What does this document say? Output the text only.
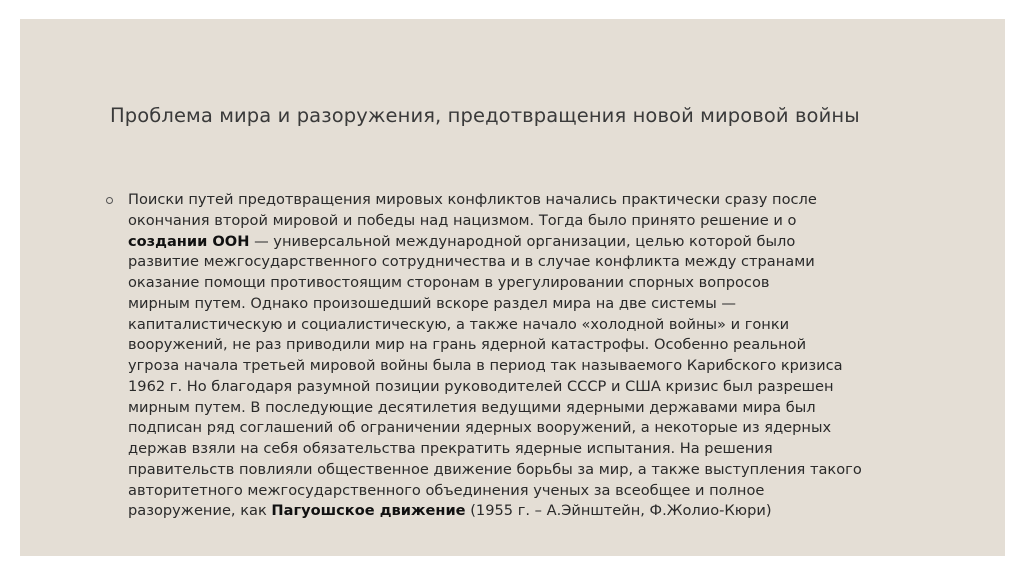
Проблема мира и разоружения, предотвращения новой мировой войны

Поиски путей предотвращения мировых конфликтов начались практически сразу после
окончания второй мировой и победы над нацизмом. Тогда было принято решение и о
создании ООН — универсальной международной организации, целью которой было
развитие межгосударственного сотрудничества и в случае конфликта между странами
оказание помощи противостоящим сторонам в урегулировании спорных вопросов
мирным путем. Однако произошедший вскоре раздел мира на две системы —
капиталистическую и социалистическую, а также начало «холодной войны» и гонки
вооружений, не раз приводили мир на грань ядерной катастрофы. Особенно реальной
угроза начала третьей мировой войны была в период так называемого Карибского кризиса
1962 г. Но благодаря разумной позиции руководителей СССР и США кризис был разрешен
мирным путем. В последующие десятилетия ведущими ядерными державами мира был
подписан ряд соглашений об ограничении ядерных вооружений, а некоторые из ядерных
держав взяли на себя обязательства прекратить ядерные испытания. На решения
правительств повлияли общественное движение борьбы за мир, а также выступления такого
авторитетного межгосударственного объединения ученых за всеобщее и полное
разоружение, как Пагуошское движение (1955 г. – А.Эйнштейн, Ф.Жолио-Кюри)
